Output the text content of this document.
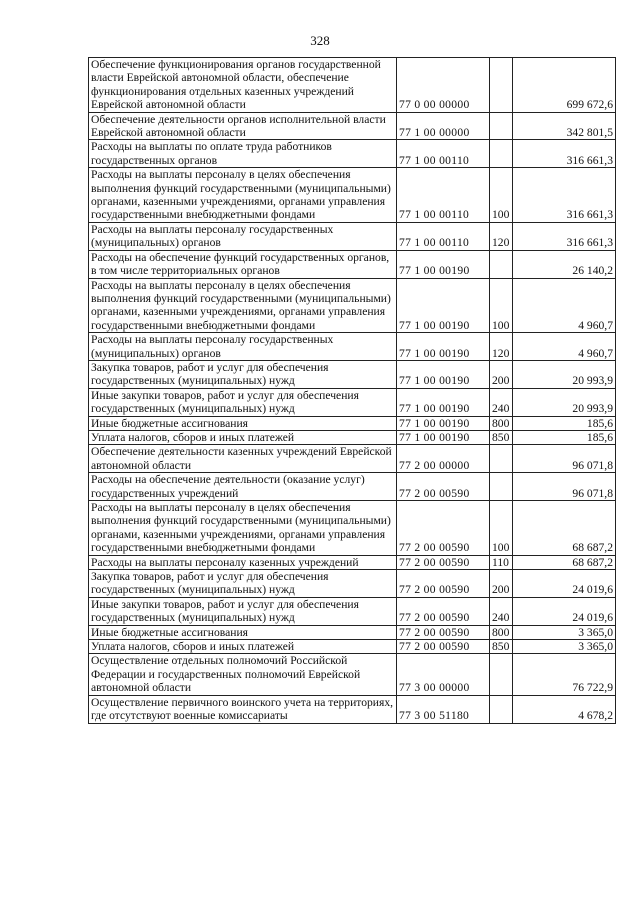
328
Обеспечение функционирования органов государственной власти Еврейской автономной области, обеспечение функционирования отдельных казенных учреждений Еврейской автономной области	77 0 00 00000		699 672,6
Обеспечение деятельности органов исполнительной власти Еврейской автономной области	77 1 00 00000		342 801,5
Расходы на выплаты по оплате труда работников государственных органов	77 1 00 00110		316 661,3
Расходы на выплаты персоналу в целях обеспечения выполнения функций государственными (муниципальными) органами, казенными учреждениями, органами управления государственными внебюджетными фондами	77 1 00 00110	100	316 661,3
Расходы на выплаты персоналу государственных (муниципальных) органов	77 1 00 00110	120	316 661,3
Расходы на обеспечение функций государственных органов, в том числе территориальных органов	77 1 00 00190		26 140,2
Расходы на выплаты персоналу в целях обеспечения выполнения функций государственными (муниципальными) органами, казенными учреждениями, органами управления государственными внебюджетными фондами	77 1 00 00190	100	4 960,7
Расходы на выплаты персоналу государственных (муниципальных) органов	77 1 00 00190	120	4 960,7
Закупка товаров, работ и услуг для обеспечения государственных (муниципальных) нужд	77 1 00 00190	200	20 993,9
Иные закупки товаров, работ и услуг для обеспечения государственных (муниципальных) нужд	77 1 00 00190	240	20 993,9
Иные бюджетные ассигнования	77 1 00 00190	800	185,6
Уплата налогов, сборов и иных платежей	77 1 00 00190	850	185,6
Обеспечение деятельности казенных учреждений Еврейской автономной области	77 2 00 00000		96 071,8
Расходы на обеспечение деятельности (оказание услуг) государственных учреждений	77 2 00 00590		96 071,8
Расходы на выплаты персоналу в целях обеспечения выполнения функций государственными (муниципальными) органами, казенными учреждениями, органами управления государственными внебюджетными фондами	77 2 00 00590	100	68 687,2
Расходы на выплаты персоналу казенных учреждений	77 2 00 00590	110	68 687,2
Закупка товаров, работ и услуг для обеспечения государственных (муниципальных) нужд	77 2 00 00590	200	24 019,6
Иные закупки товаров, работ и услуг для обеспечения государственных (муниципальных) нужд	77 2 00 00590	240	24 019,6
Иные бюджетные ассигнования	77 2 00 00590	800	3 365,0
Уплата налогов, сборов и иных платежей	77 2 00 00590	850	3 365,0
Осуществление отдельных полномочий Российской Федерации и государственных полномочий Еврейской автономной области	77 3 00 00000		76 722,9
Осуществление первичного воинского учета на территориях, где отсутствуют военные комиссариаты	77 3 00 51180		4 678,2
